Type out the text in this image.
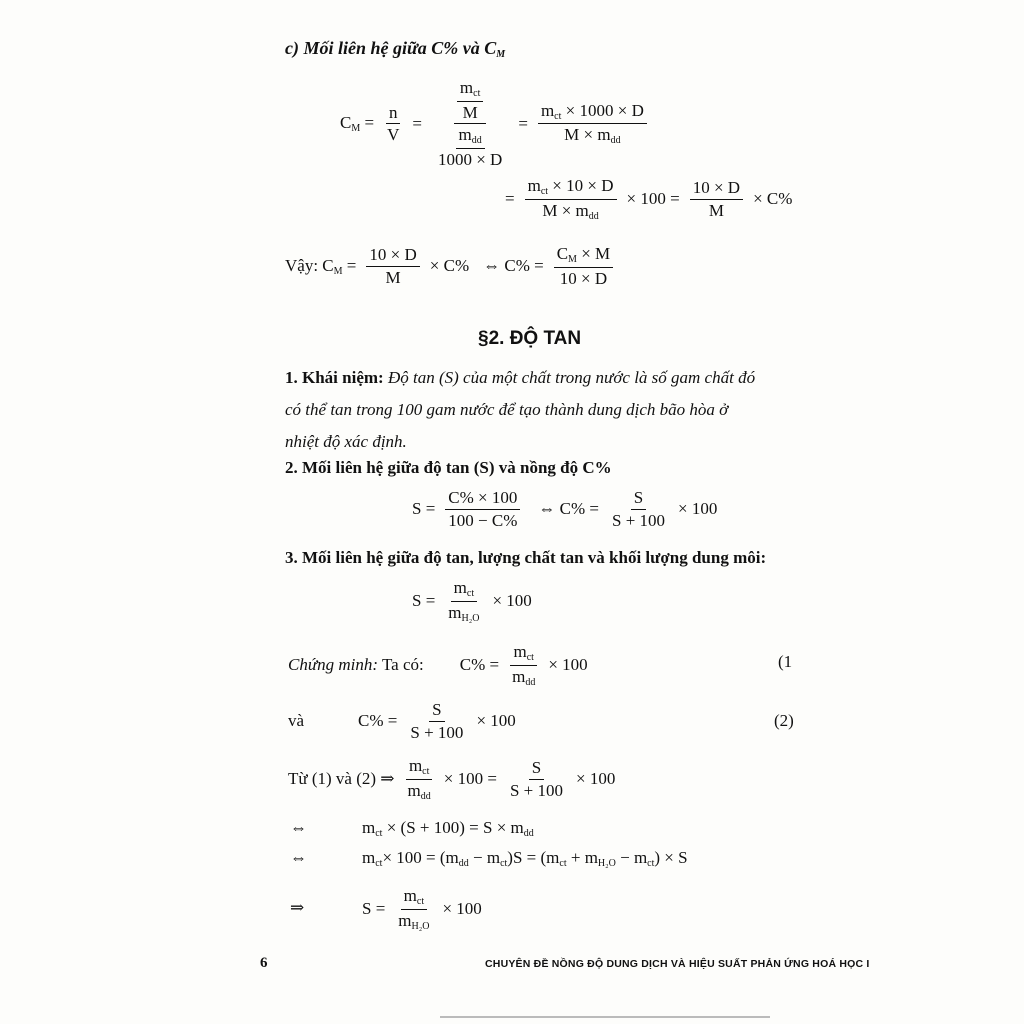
c) Mối liên hệ giữa C% và $C_M$
$C_M = \frac{n}{V} = \frac{\frac{m_{ct}}{M}}{\frac{m_{dd}}{1000 \times D}} = \frac{m_{ct} \times 1000 \times D}{M \times m_{dd}}$
= $\frac{m_{ct} \times 10 \times D}{M \times m_{dd}} \times 100 = \frac{10 \times D}{M} \times C\%$
Vậy: $C_M = \frac{10 \times D}{M} \times C\%$ ⇔ $C\% = \frac{C_M \times M}{10 \times D}$
§2. ĐỘ TAN
1. Khái niệm: Độ tan (S) của một chất trong nước là số gam chất đó
có thể tan trong 100 gam nước để tạo thành dung dịch bão hòa ở
nhiệt độ xác định.
2. Mối liên hệ giữa độ tan (S) và nồng độ C%
$S = \frac{C\% \times 100}{100 - C\%}$ ⇔ $C\% = \frac{S}{S + 100} \times 100$
3. Mối liên hệ giữa độ tan, lượng chất tan và khối lượng dung môi:
$S = \frac{m_{ct}}{m_{H_2O}} \times 100$
Chứng minh: Ta có: $C\% = \frac{m_{ct}}{m_{dd}} \times 100$	(1
và	$C\% = \frac{S}{S + 100} \times 100$	(2)
Từ (1) và (2) ⇒ $\frac{m_{ct}}{m_{dd}} \times 100 = \frac{S}{S + 100} \times 100$
⇔	$m_{ct} \times (S + 100) = S \times m_{dd}$
⇔	$m_{ct}\times 100 = (m_{dd} - m_{ct})S = (m_{ct} + m_{H_2O} - m_{ct}) \times S$
⇒	$S = \frac{m_{ct}}{m_{H_2O}} \times 100$
6	CHUYÊN ĐỀ NỒNG ĐỘ DUNG DỊCH VÀ HIỆU SUẤT PHẢN ỨNG HOÁ HỌC I
